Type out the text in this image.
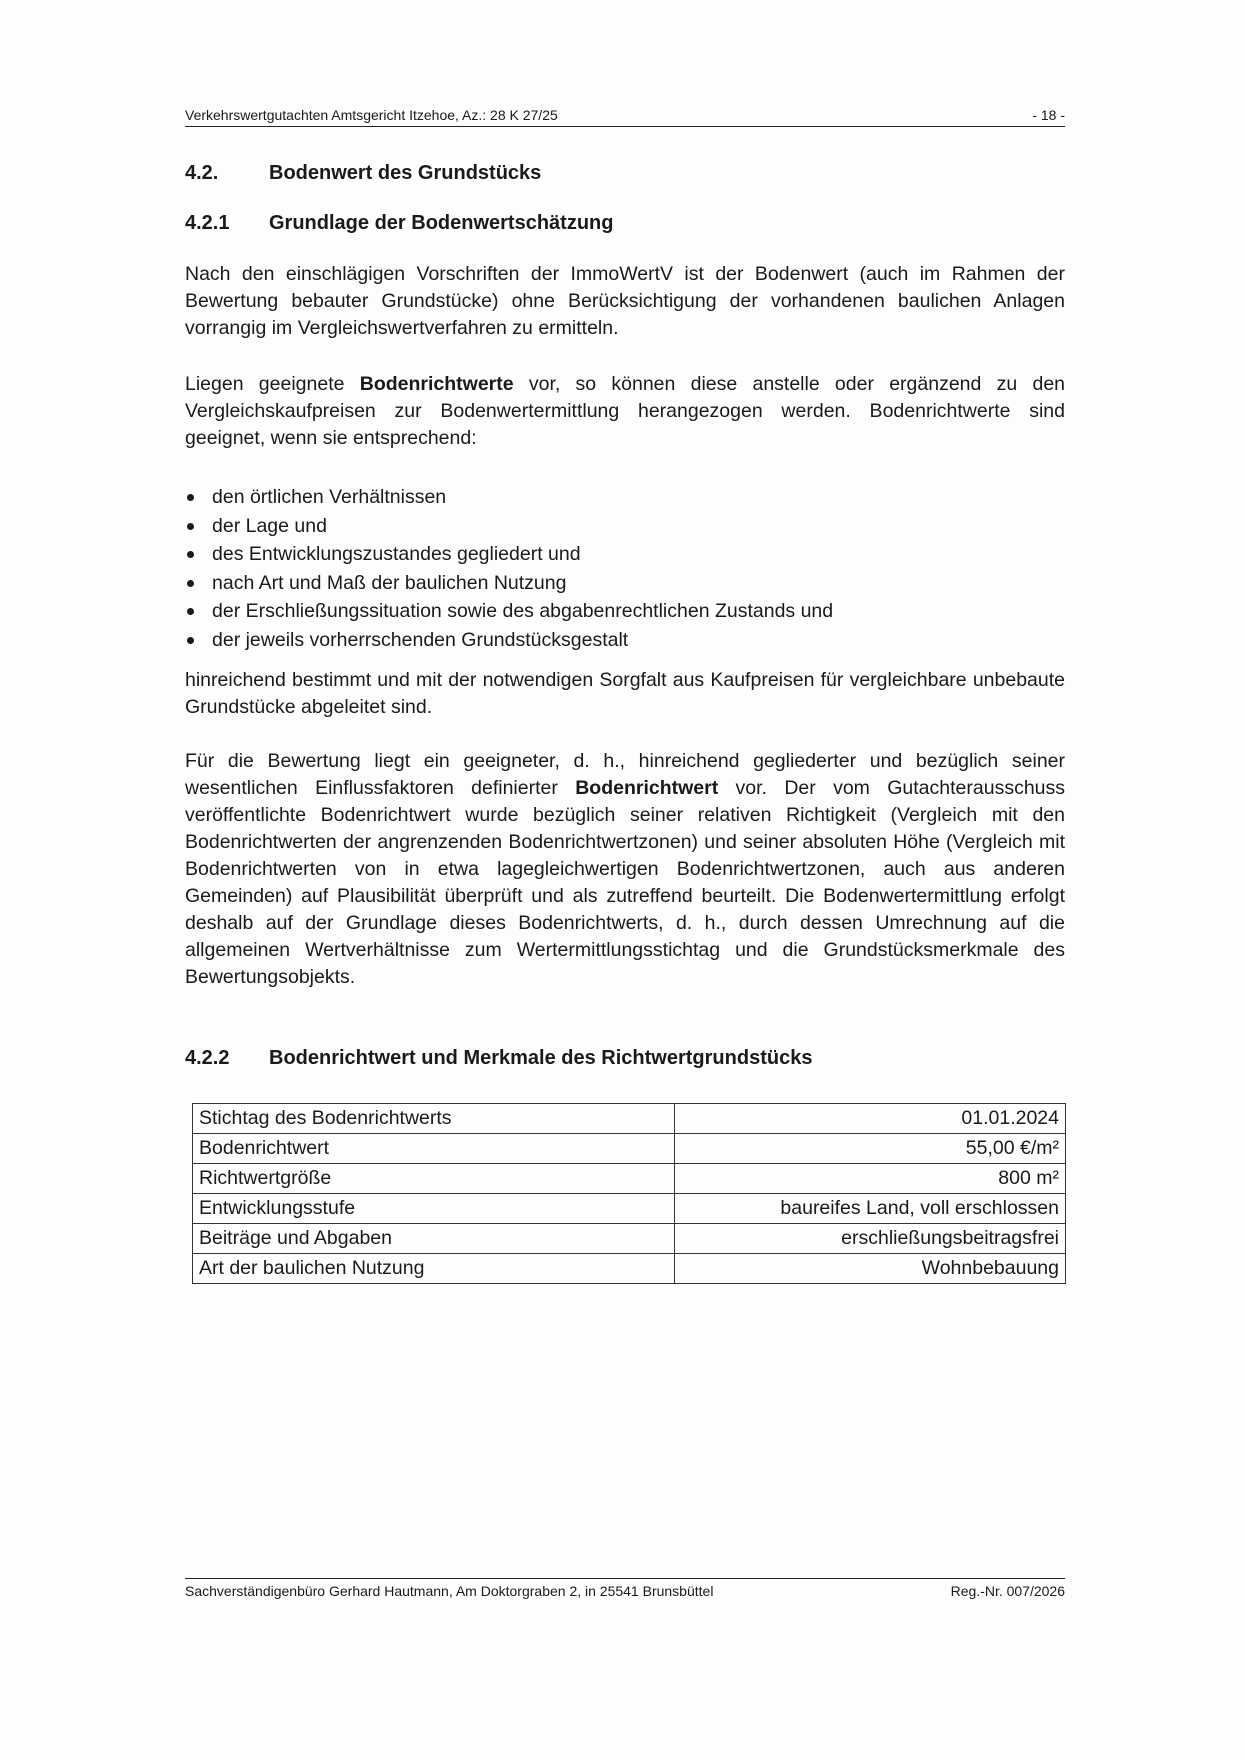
Verkehrswertgutachten Amtsgericht Itzehoe, Az.: 28 K 27/25	- 18 -
4.2.	Bodenwert des Grundstücks
4.2.1 Grundlage der Bodenwertschätzung
Nach den einschlägigen Vorschriften der ImmoWertV ist der Bodenwert (auch im Rahmen der Bewertung bebauter Grundstücke) ohne Berücksichtigung der vorhandenen baulichen Anlagen vorrangig im Vergleichswertverfahren zu ermitteln.
Liegen geeignete Bodenrichtwerte vor, so können diese anstelle oder ergänzend zu den Vergleichskaufpreisen zur Bodenwertermittlung herangezogen werden. Bodenrichtwerte sind geeignet, wenn sie entsprechend:
den örtlichen Verhältnissen
der Lage und
des Entwicklungszustandes gegliedert und
nach Art und Maß der baulichen Nutzung
der Erschließungssituation sowie des abgabenrechtlichen Zustands und
der jeweils vorherrschenden Grundstücksgestalt
hinreichend bestimmt und mit der notwendigen Sorgfalt aus Kaufpreisen für vergleichbare unbebaute Grundstücke abgeleitet sind.
Für die Bewertung liegt ein geeigneter, d. h., hinreichend gegliederter und bezüglich seiner wesentlichen Einflussfaktoren definierter Bodenrichtwert vor. Der vom Gutachterausschuss veröffentlichte Bodenrichtwert wurde bezüglich seiner relativen Richtigkeit (Vergleich mit den Bodenrichtwerten der angrenzenden Bodenrichtwertzonen) und seiner absoluten Höhe (Vergleich mit Bodenrichtwerten von in etwa lagegleichwertigen Bodenrichtwertzonen, auch aus anderen Gemeinden) auf Plausibilität überprüft und als zutreffend beurteilt. Die Bodenwertermittlung erfolgt deshalb auf der Grundlage dieses Bodenrichtwerts, d. h., durch dessen Umrechnung auf die allgemeinen Wertverhältnisse zum Wertermittlungsstichtag und die Grundstücksmerkmale des Bewertungsobjekts.
4.2.2 Bodenrichtwert und Merkmale des Richtwertgrundstücks
Stichtag des Bodenrichtwerts	01.01.2024
Bodenrichtwert	55,00 €/m²
Richtwertgröße	800 m²
Entwicklungsstufe	baureifes Land, voll erschlossen
Beiträge und Abgaben	erschließungsbeitragsfrei
Art der baulichen Nutzung	Wohnbebauung
Sachverständigenbüro Gerhard Hautmann, Am Doktorgraben 2, in 25541 Brunsbüttel	Reg.-Nr. 007/2026
